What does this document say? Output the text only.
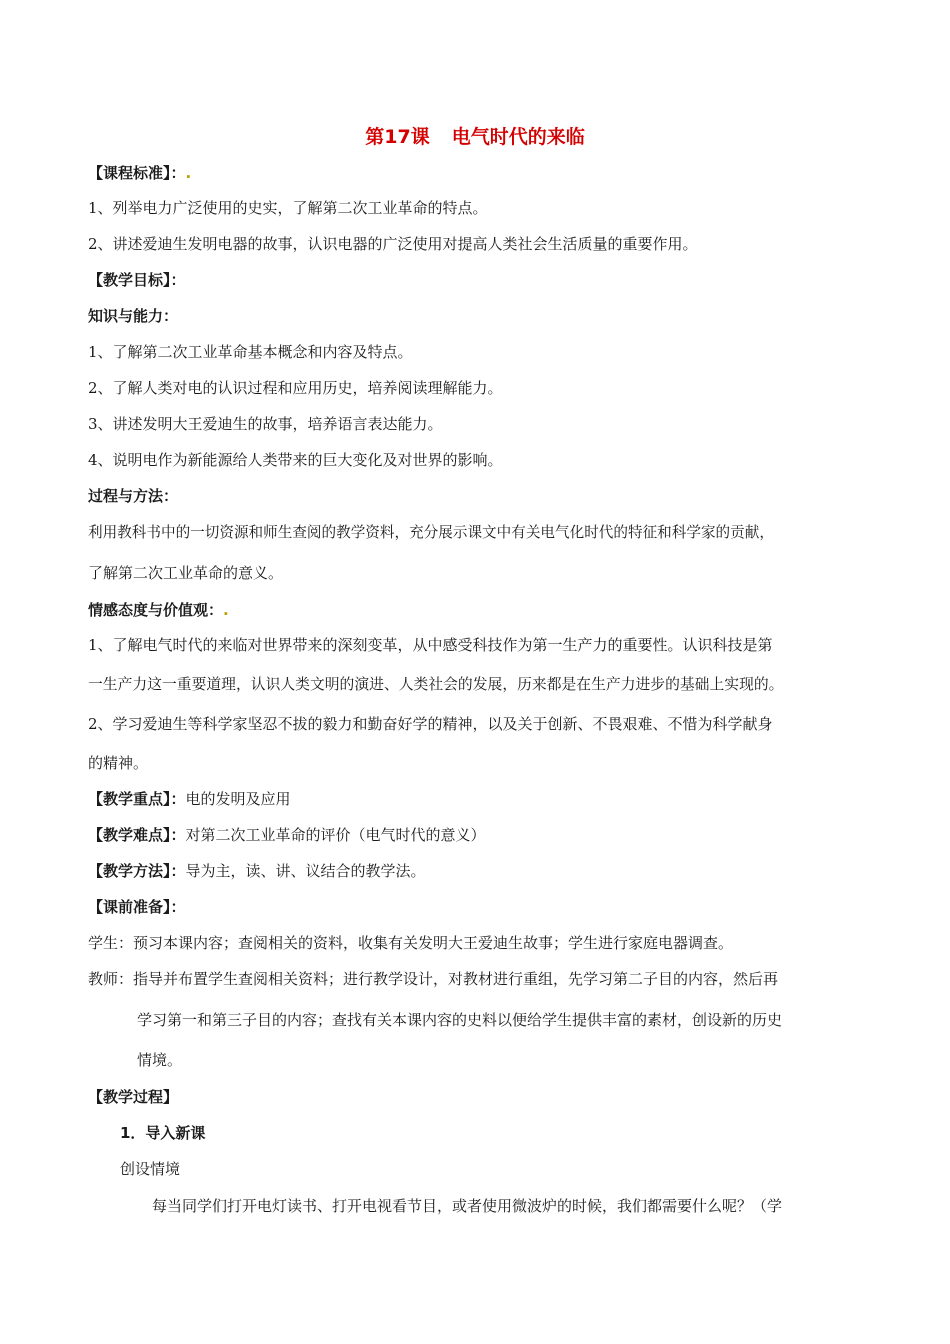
第17课 电气时代的来临
【课程标准】：.
1、列举电力广泛使用的史实，了解第二次工业革命的特点。
2、讲述爱迪生发明电器的故事，认识电器的广泛使用对提高人类社会生活质量的重要作用。
【教学目标】：
知识与能力：
1、了解第二次工业革命基本概念和内容及特点。
2、了解人类对电的认识过程和应用历史，培养阅读理解能力。
3、讲述发明大王爱迪生的故事，培养语言表达能力。
4、说明电作为新能源给人类带来的巨大变化及对世界的影响。
过程与方法：
利用教科书中的一切资源和师生查阅的教学资料，充分展示课文中有关电气化时代的特征和科学家的贡献，
了解第二次工业革命的意义。
情感态度与价值观：.
1、了解电气时代的来临对世界带来的深刻变革，从中感受科技作为第一生产力的重要性。认识科技是第
一生产力这一重要道理，认识人类文明的演进、人类社会的发展，历来都是在生产力进步的基础上实现的。
2、学习爱迪生等科学家坚忍不拔的毅力和勤奋好学的精神，以及关于创新、不畏艰难、不惜为科学献身
的精神。
【教学重点】：电的发明及应用
【教学难点】：对第二次工业革命的评价（电气时代的意义）
【教学方法】：导为主，读、讲、议结合的教学法。
【课前准备】：
学生：预习本课内容；查阅相关的资料，收集有关发明大王爱迪生故事；学生进行家庭电器调查。
教师：指导并布置学生查阅相关资料；进行教学设计，对教材进行重组，先学习第二子目的内容，然后再
学习第一和第三子目的内容；查找有关本课内容的史料以便给学生提供丰富的素材，创设新的历史
情境。
【教学过程】
1．导入新课
创设情境
每当同学们打开电灯读书、打开电视看节目，或者使用微波炉的时候，我们都需要什么呢？（学
